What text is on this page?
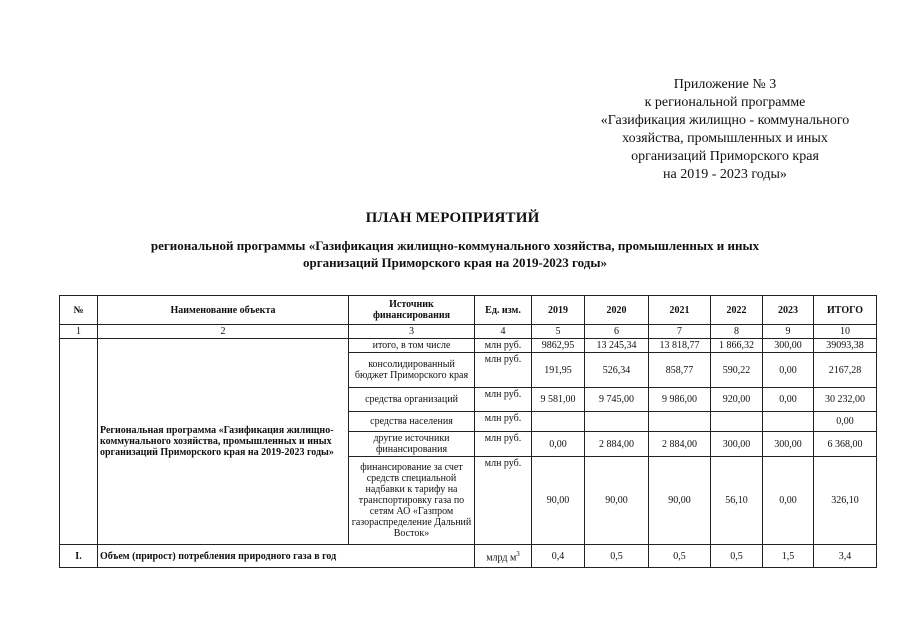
Приложение № 3
к региональной программе
«Газификация жилищно - коммунального
хозяйства, промышленных и иных
организаций Приморского края
на 2019 - 2023 годы»
ПЛАН МЕРОПРИЯТИЙ
региональной программы «Газификация жилищно-коммунального хозяйства, промышленных и иных
организаций Приморского края на 2019-2023 годы»
№	Наименование объекта	Источник финансирования	Ед. изм.	2019	2020	2021	2022	2023	ИТОГО
1	2	3	4	5	6	7	8	9	10
	Региональная программа «Газификация жилищно-коммунального хозяйства, промышленных и иных организаций Приморского края на 2019-2023 годы»	итого, в том числе	млн руб.	9862,95	13 245,34	13 818,77	1 866,32	300,00	39093,38
		консолидированный бюджет Приморского края	млн руб.	191,95	526,34	858,77	590,22	0,00	2167,28
		средства организаций	млн руб.	9 581,00	9 745,00	9 986,00	920,00	0,00	30 232,00
		средства населения	млн руб.						0,00
		другие источники финансирования	млн руб.	0,00	2 884,00	2 884,00	300,00	300,00	6 368,00
		финансирование за счет средств специальной надбавки к тарифу на транспортировку газа по сетям АО «Газпром газораспределение Дальний Восток»	млн руб.	90,00	90,00	90,00	56,10	0,00	326,10
I.	Объем (прирост) потребления природного газа в год		млрд $м^3$	0,4	0,5	0,5	0,5	1,5	3,4
